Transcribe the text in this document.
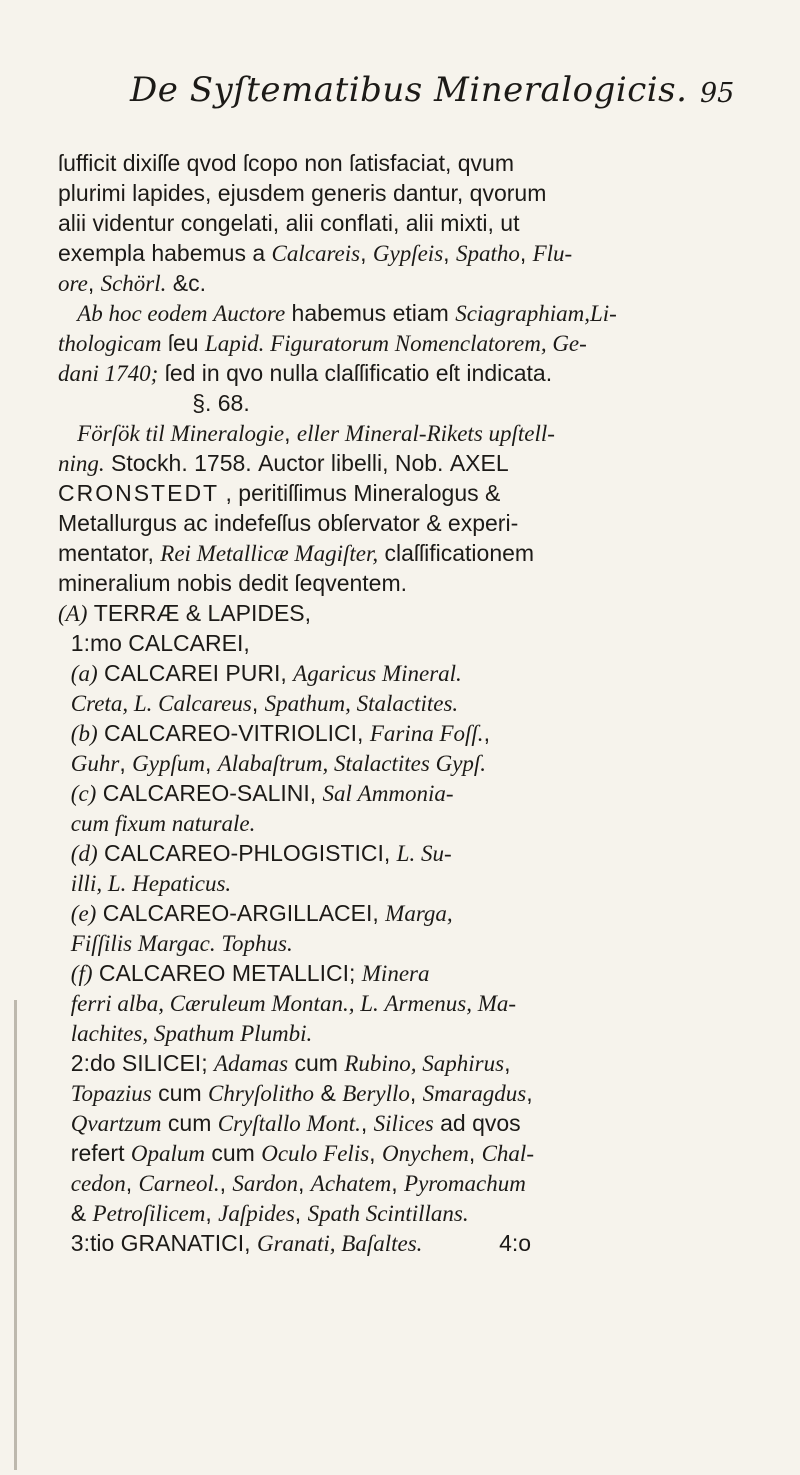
De Syſtematibus Mineralogicis. 95
ſufficit dixiſſe qvod ſcopo non ſatisfaciat, qvum
plurimi lapides, ejusdem generis dantur, qvorum
alii videntur congelati, alii conflati, alii mixti, ut
exempla habemus a Calcareis, Gypſeis, Spatho, Flu-
ore, Schörl. &c.
Ab hoc eodem Auctore habemus etiam Sciagraphiam,Li-
thologicam ſeu Lapid. Figuratorum Nomenclatorem, Ge-
dani 1740; ſed in qvo nulla claſſificatio eſt indicata.
§. 68.
Förſök til Mineralogie, eller Mineral-Rikets upſtell-
ning. Stockh. 1758. Auctor libelli, Nob. AXEL
CRONSTEDT , peritiſſimus Mineralogus &
Metallurgus ac indefeſſus obſervator & experi-
mentator, Rei Metallicæ Magiſter, claſſificationem
mineralium nobis dedit ſeqventem.
(A) TERRÆ & LAPIDES,
1:mo CALCAREI,
(a) CALCAREI PURI, Agaricus Mineral.
Creta, L. Calcareus, Spathum, Stalactites.
(b) CALCAREO-VITRIOLICI, Farina Foſſ.,
Guhr, Gypſum, Alabaſtrum, Stalactites Gypſ.
(c) CALCAREO-SALINI, Sal Ammonia-
cum fixum naturale.
(d) CALCAREO-PHLOGISTICI, L. Su-
illi, L. Hepaticus.
(e) CALCAREO-ARGILLACEI, Marga,
Fiſſilis Margac. Tophus.
(f) CALCAREO METALLICI; Minera
ferri alba, Cæruleum Montan., L. Armenus, Ma-
lachites, Spathum Plumbi.
2:do SILICEI; Adamas cum Rubino, Saphirus,
Topazius cum Chryſolitho & Beryllo, Smaragdus,
Qvartzum cum Cryſtallo Mont., Silices ad qvos
refert Opalum cum Oculo Felis, Onychem, Chal-
cedon, Carneol., Sardon, Achatem, Pyromachum
& Petroſilicem, Jaſpides, Spath Scintillans.
3:tio GRANATICI, Granati, Baſaltes.            4:o
